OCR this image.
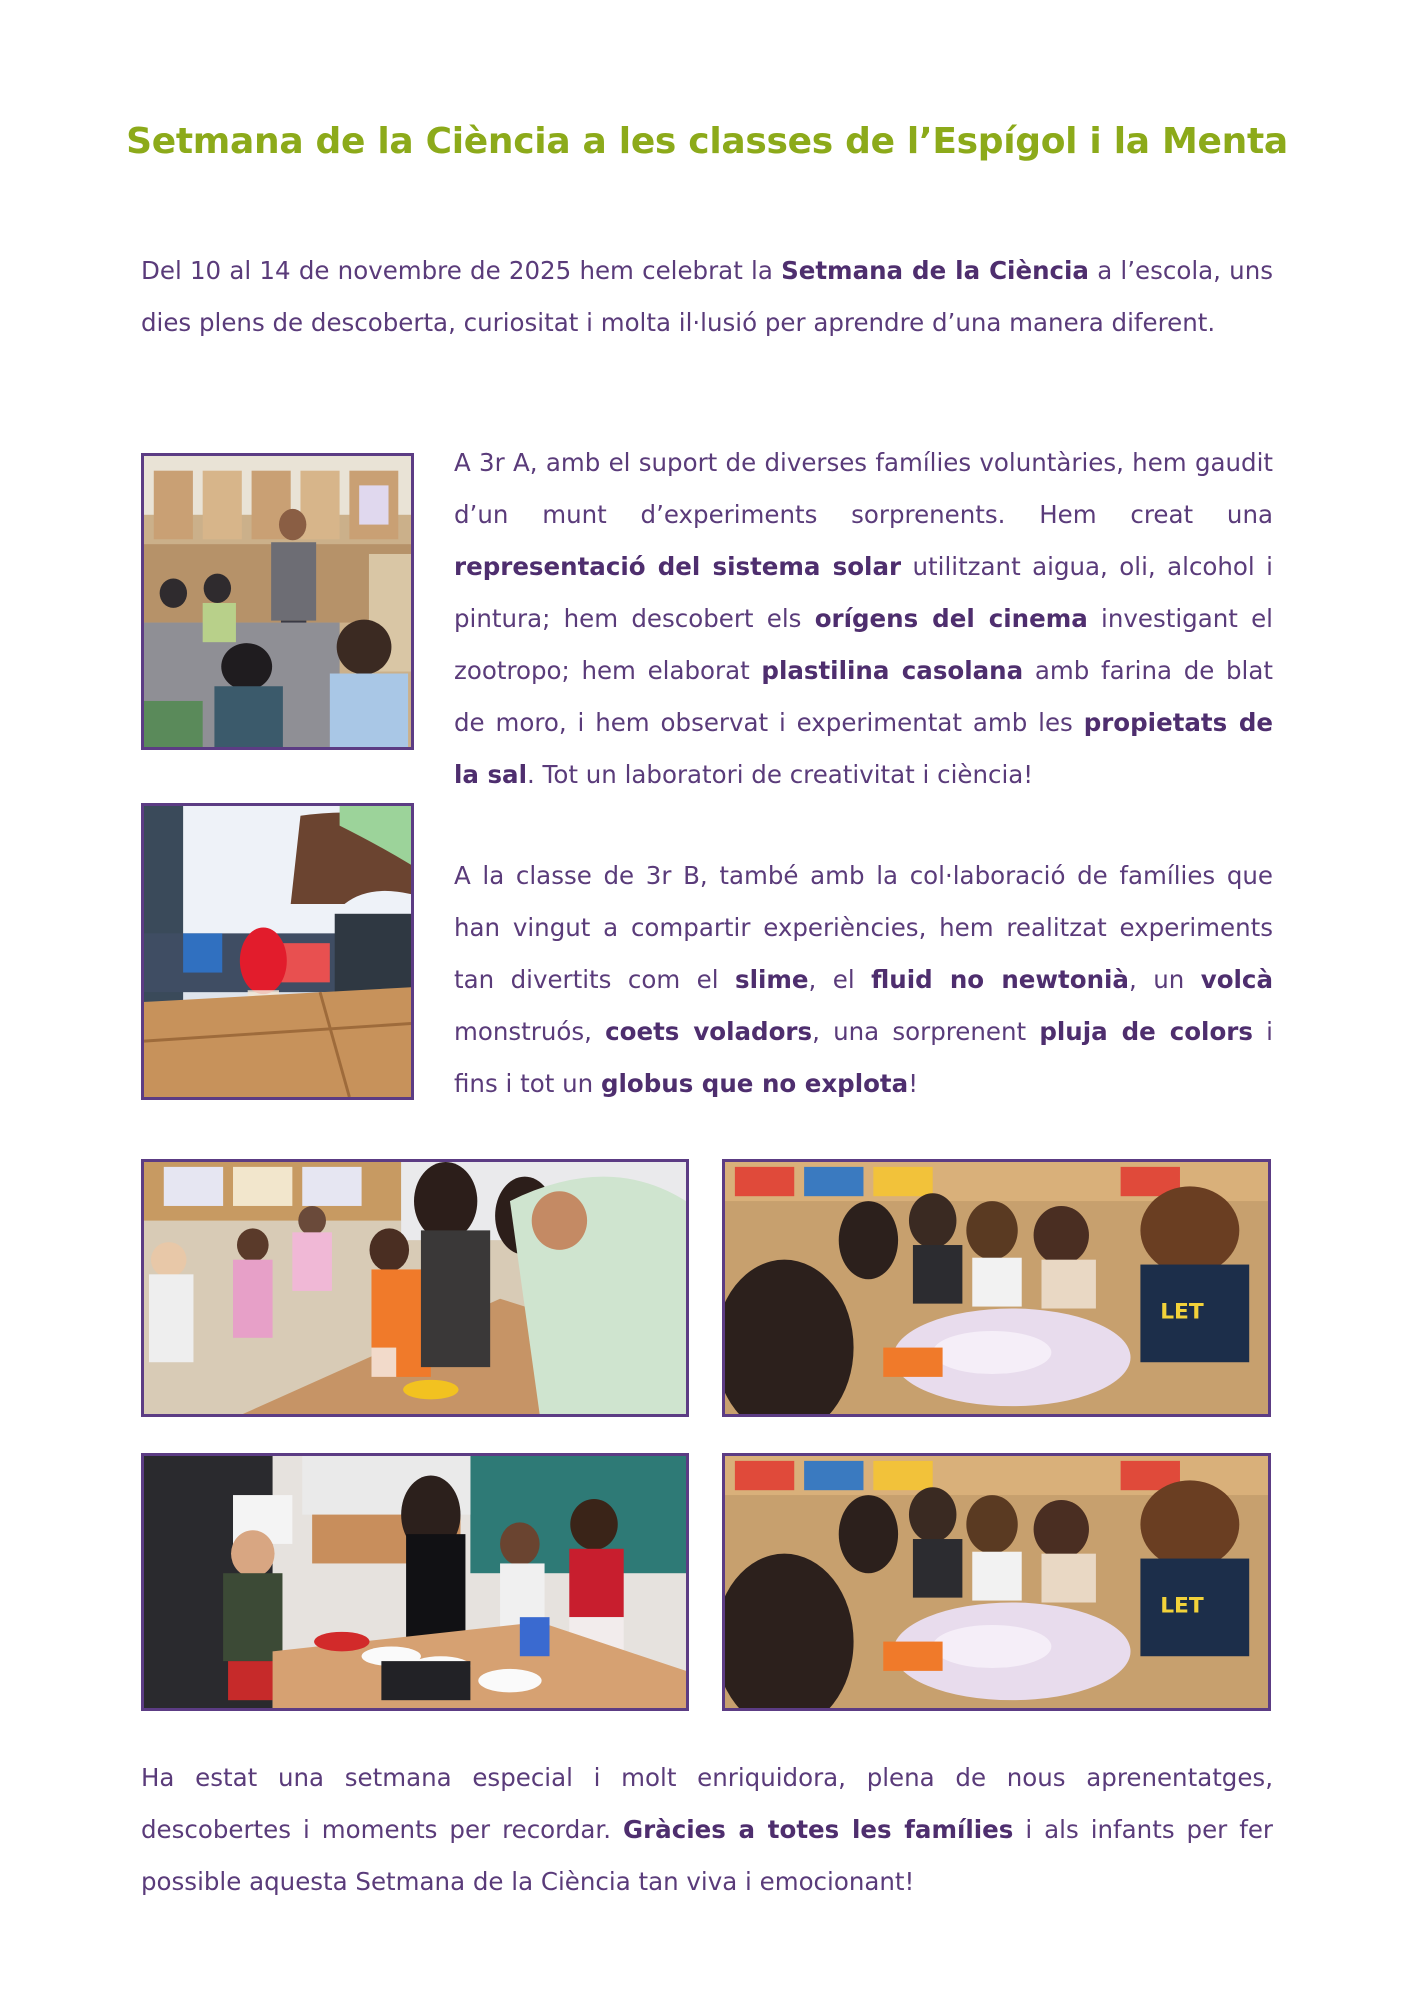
Setmana de la Ciència a les classes de l’Espígol i la Menta

Del 10 al 14 de novembre de 2025 hem celebrat la Setmana de la Ciència a l’escola, uns dies plens de descoberta, curiositat i molta il·lusió per aprendre d’una manera diferent.

A 3r A, amb el suport de diverses famílies voluntàries, hem gaudit d’un munt d’experiments sorprenents. Hem creat una representació del sistema solar utilitzant aigua, oli, alcohol i pintura; hem descobert els orígens del cinema investigant el zootropo; hem elaborat plastilina casolana amb farina de blat de moro, i hem observat i experimentat amb les propietats de la sal. Tot un laboratori de creativitat i ciència!

A la classe de 3r B, també amb la col·laboració de famílies que han vingut a compartir experiències, hem realitzat experiments tan divertits com el slime, el fluid no newtonià, un volcà monstruós, coets voladors, una sorprenent pluja de colors i fins i tot un globus que no explota!

LET
LET

Ha estat una setmana especial i molt enriquidora, plena de nous aprenentatges, descobertes i moments per recordar. Gràcies a totes les famílies i als infants per fer possible aquesta Setmana de la Ciència tan viva i emocionant!
